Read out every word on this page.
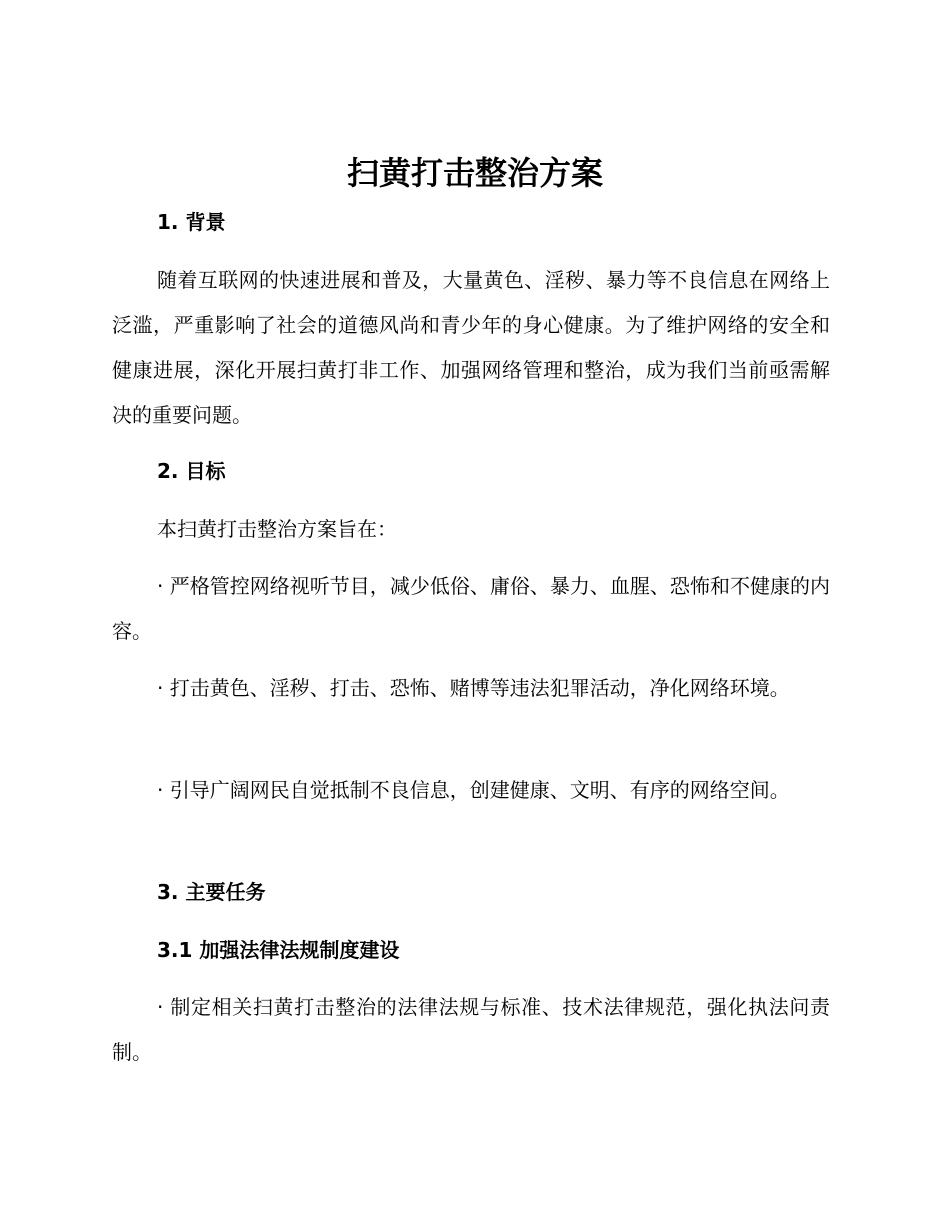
扫黄打击整治方案
1. 背景

随着互联网的快速进展和普及，大量黄色、淫秽、暴力等不良信息在网络上泛滥，严重影响了社会的道德风尚和青少年的身心健康。为了维护网络的安全和健康进展，深化开展扫黄打非工作、加强网络管理和整治，成为我们当前亟需解决的重要问题。

2. 目标

本扫黄打击整治方案旨在：

· 严格管控网络视听节目，减少低俗、庸俗、暴力、血腥、恐怖和不健康的内容。

· 打击黄色、淫秽、打击、恐怖、赌博等违法犯罪活动，净化网络环境。

· 引导广阔网民自觉抵制不良信息，创建健康、文明、有序的网络空间。

3. 主要任务
3.1 加强法律法规制度建设

· 制定相关扫黄打击整治的法律法规与标准、技术法律规范，强化执法问责制。
